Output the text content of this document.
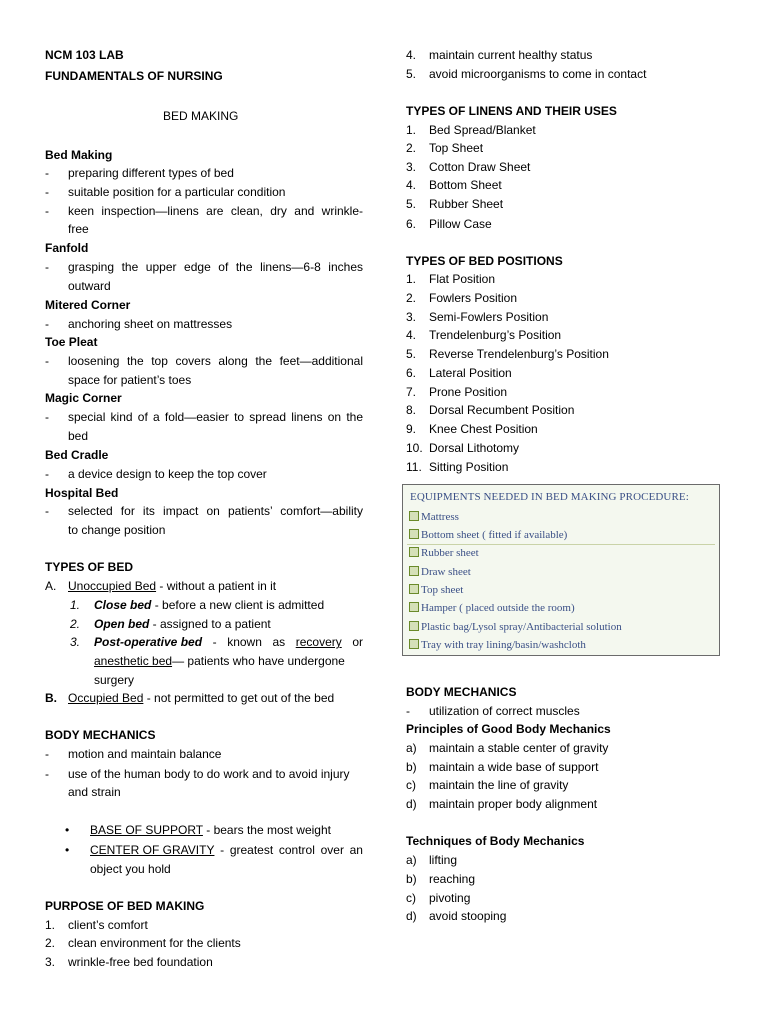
NCM 103 LAB
FUNDAMENTALS OF NURSING
BED MAKING
Bed Making
- preparing different types of bed
- suitable position for a particular condition
- keen inspection—linens are clean, dry and wrinkle-
free
Fanfold
- grasping the upper edge of the linens—6-8 inches
outward
Mitered Corner
- anchoring sheet on mattresses
Toe Pleat
- loosening the top covers along the feet—additional
space for patient’s toes
Magic Corner
- special kind of a fold—easier to spread linens on the
bed
Bed Cradle
- a device design to keep the top cover
Hospital Bed
- selected for its impact on patients’ comfort—ability
to change position
TYPES OF BED
A. Unoccupied Bed - without a patient in it
1. Close bed - before a new client is admitted
2. Open bed - assigned to a patient
3. Post-operative bed - known as recovery or
anesthetic bed— patients who have undergone
surgery
B. Occupied Bed - not permitted to get out of the bed
BODY MECHANICS
- motion and maintain balance
- use of the human body to do work and to avoid injury
and strain
• BASE OF SUPPORT - bears the most weight
• CENTER OF GRAVITY - greatest control over an
object you hold
PURPOSE OF BED MAKING
1. client’s comfort
2. clean environment for the clients
3. wrinkle-free bed foundation
4. maintain current healthy status
5. avoid microorganisms to come in contact
TYPES OF LINENS AND THEIR USES
1. Bed Spread/Blanket
2. Top Sheet
3. Cotton Draw Sheet
4. Bottom Sheet
5. Rubber Sheet
6. Pillow Case
TYPES OF BED POSITIONS
1. Flat Position
2. Fowlers Position
3. Semi-Fowlers Position
4. Trendelenburg’s Position
5. Reverse Trendelenburg’s Position
6. Lateral Position
7. Prone Position
8. Dorsal Recumbent Position
9. Knee Chest Position
10. Dorsal Lithotomy
11. Sitting Position
BODY MECHANICS
- utilization of correct muscles
Principles of Good Body Mechanics
a) maintain a stable center of gravity
b) maintain a wide base of support
c) maintain the line of gravity
d) maintain proper body alignment
Techniques of Body Mechanics
a) lifting
b) reaching
c) pivoting
d) avoid stooping
EQUIPMENTS NEEDED IN BED MAKING PROCEDURE:
Mattress
Bottom sheet ( fitted if available)
Rubber sheet
Draw sheet
Top sheet
Hamper ( placed outside the room)
Plastic bag/Lysol spray/Antibacterial solution
Tray with tray lining/basin/washcloth
